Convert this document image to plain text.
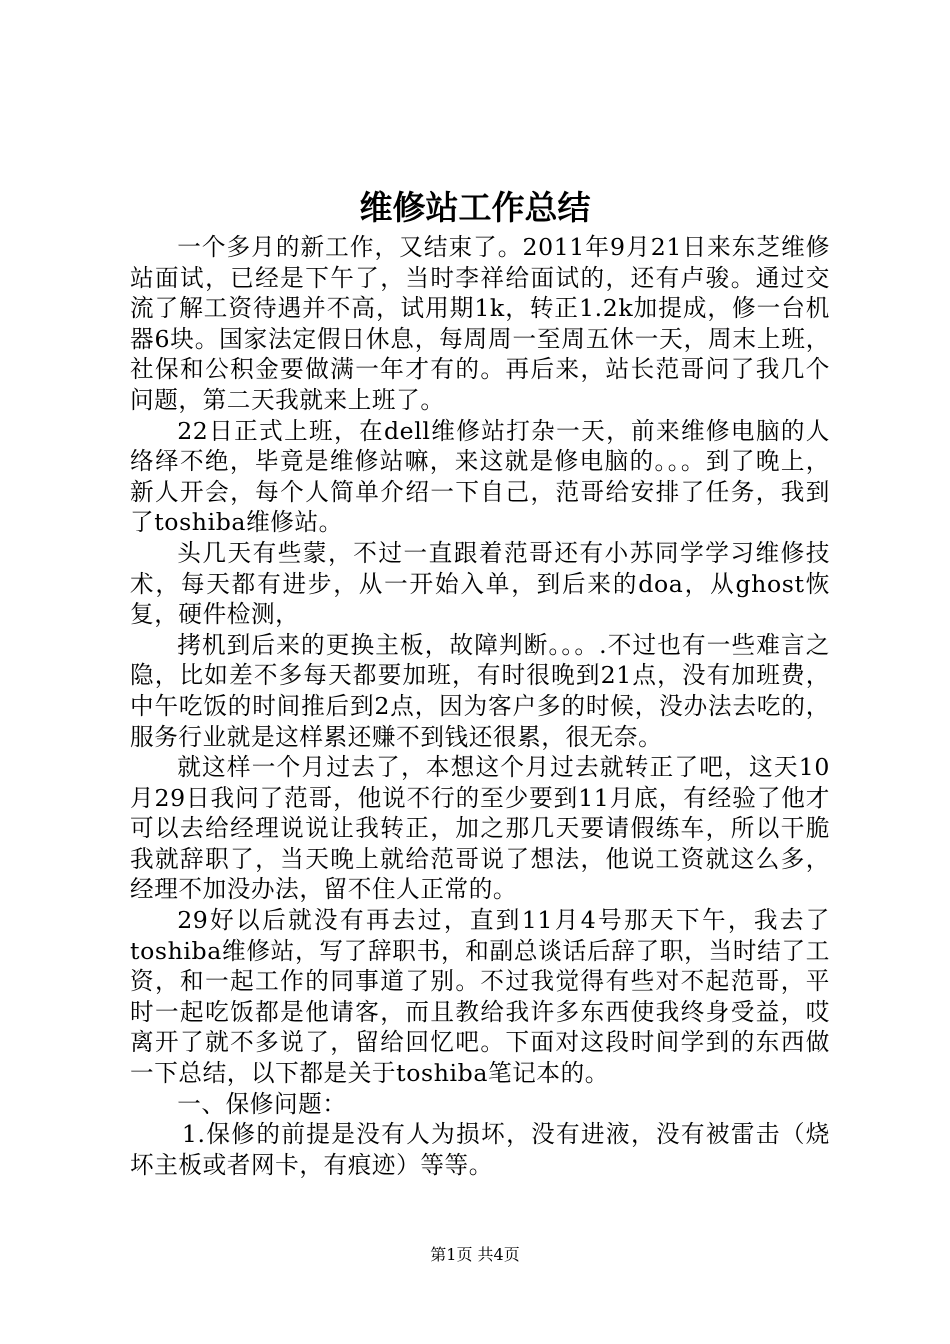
维修站工作总结

一个多月的新工作，又结束了。2011年9月21日来东芝维修站面试，已经是下午了，当时李祥给面试的，还有卢骏。通过交流了解工资待遇并不高，试用期1k，转正1.2k加提成，修一台机器6块。国家法定假日休息，每周周一至周五休一天，周末上班，社保和公积金要做满一年才有的。再后来，站长范哥问了我几个问题，第二天我就来上班了。

22日正式上班，在dell维修站打杂一天，前来维修电脑的人络绎不绝，毕竟是维修站嘛，来这就是修电脑的。。。到了晚上，新人开会，每个人简单介绍一下自己，范哥给安排了任务，我到了toshiba维修站。

头几天有些蒙，不过一直跟着范哥还有小苏同学学习维修技术，每天都有进步，从一开始入单，到后来的doa，从ghost恢复，硬件检测，

拷机到后来的更换主板，故障判断。。。.不过也有一些难言之隐，比如差不多每天都要加班，有时很晚到21点，没有加班费，中午吃饭的时间推后到2点，因为客户多的时候，没办法去吃的，服务行业就是这样累还赚不到钱还很累，很无奈。

就这样一个月过去了，本想这个月过去就转正了吧，这天10月29日我问了范哥，他说不行的至少要到11月底，有经验了他才可以去给经理说说让我转正，加之那几天要请假练车，所以干脆我就辞职了，当天晚上就给范哥说了想法，他说工资就这么多，经理不加没办法，留不住人正常的。

29好以后就没有再去过，直到11月4号那天下午，我去了toshiba维修站，写了辞职书，和副总谈话后辞了职，当时结了工资，和一起工作的同事道了别。不过我觉得有些对不起范哥，平时一起吃饭都是他请客，而且教给我许多东西使我终身受益，哎离开了就不多说了，留给回忆吧。下面对这段时间学到的东西做一下总结，以下都是关于toshiba笔记本的。

一、保修问题：

1.保修的前提是没有人为损坏，没有进液，没有被雷击（烧坏主板或者网卡，有痕迹）等等。

第1页 共4页
